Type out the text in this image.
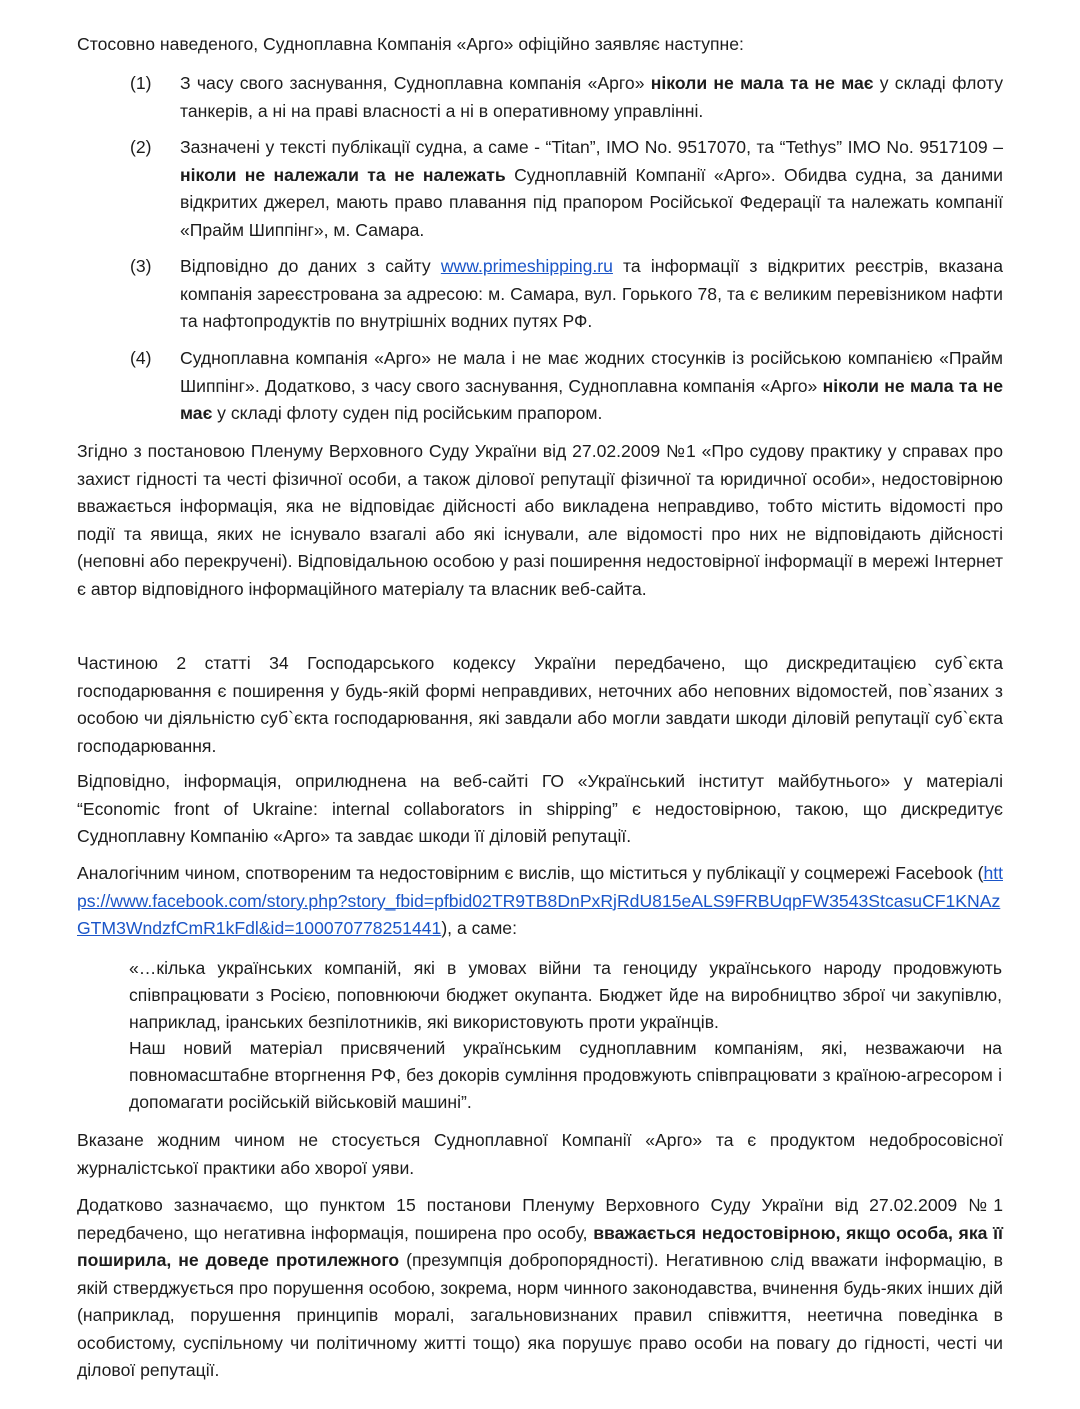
Стосовно наведеного, Судноплавна Компанія «Арго» офіційно заявляє наступне:

(1) З часу свого заснування, Судноплавна компанія «Арго» ніколи не мала та не має у складі флоту танкерів, а ні на праві власності а ні в оперативному управлінні.

(2) Зазначені у тексті публікації судна, а саме - “Titan”, IMO No. 9517070, та “Tethys” IMO No. 9517109 – ніколи не належали та не належать Судноплавній Компанії «Арго». Обидва судна, за даними відкритих джерел, мають право плавання під прапором Російської Федерації та належать компанії «Прайм Шиппінг», м. Самара.

(3) Відповідно до даних з сайту www.primeshipping.ru та інформації з відкритих реєстрів, вказана компанія зареєстрована за адресою: м. Самара, вул. Горького 78, та є великим перевізником нафти та нафтопродуктів по внутрішніх водних путях РФ.

(4) Судноплавна компанія «Арго» не мала і не має жодних стосунків із російською компанією «Прайм Шиппінг». Додатково, з часу свого заснування, Судноплавна компанія «Арго» ніколи не мала та не має у складі флоту суден під російським прапором.

Згідно з постановою Пленуму Верховного Суду України від 27.02.2009 №1 «Про судову практику у справах про захист гідності та честі фізичної особи, а також ділової репутації фізичної та юридичної особи», недостовірною вважається інформація, яка не відповідає дійсності або викладена неправдиво, тобто містить відомості про події та явища, яких не існувало взагалі або які існували, але відомості про них не відповідають дійсності (неповні або перекручені). Відповідальною особою у разі поширення недостовірної інформації в мережі Інтернет є автор відповідного інформаційного матеріалу та власник веб-сайта.

Частиною 2 статті 34 Господарського кодексу України передбачено, що дискредитацією суб`єкта господарювання є поширення у будь-якій формі неправдивих, неточних або неповних відомостей, пов`язаних з особою чи діяльністю суб`єкта господарювання, які завдали або могли завдати шкоди діловій репутації суб`єкта господарювання.

Відповідно, інформація, оприлюднена на веб-сайті ГО «Український інститут майбутнього» у матеріалі “Economic front of Ukraine: internal collaborators in shipping” є недостовірною, такою, що дискредитує Судноплавну Компанію «Арго» та завдає шкоди її діловій репутації.

Аналогічним чином, спотвореним та недостовірним є вислів, що міститься у публікації у соцмережі Facebook (https://www.facebook.com/story.php?story_fbid=pfbid02TR9TB8DnPxRjRdU815eALS9FRBUqpFW3543StcasuCF1KNAzGTM3WndzfCmR1kFdl&id=100070778251441), а саме:

«…кілька українських компаній, які в умовах війни та геноциду українського народу продовжують співпрацювати з Росією, поповнюючи бюджет окупанта. Бюджет йде на виробництво зброї чи закупівлю, наприклад, іранських безпілотників, які використовують проти українців.

Наш новий матеріал присвячений українським судноплавним компаніям, які, незважаючи на повномасштабне вторгнення РФ, без докорів сумління продовжують співпрацювати з країною-агресором і допомагати російській військовій машині”.

Вказане жодним чином не стосується Судноплавної Компанії «Арго» та є продуктом недобросовісної журналістської практики або хворої уяви.

Додатково зазначаємо, що пунктом 15 постанови Пленуму Верховного Суду України від 27.02.2009 №1 передбачено, що негативна інформація, поширена про особу, вважається недостовірною, якщо особа, яка її поширила, не доведе протилежного (презумпція добропорядності). Негативною слід вважати інформацію, в якій стверджується про порушення особою, зокрема, норм чинного законодавства, вчинення будь-яких інших дій (наприклад, порушення принципів моралі, загальновизнаних правил співжиття, неетична поведінка в особистому, суспільному чи політичному житті тощо) яка порушує право особи на повагу до гідності, честі чи ділової репутації.
